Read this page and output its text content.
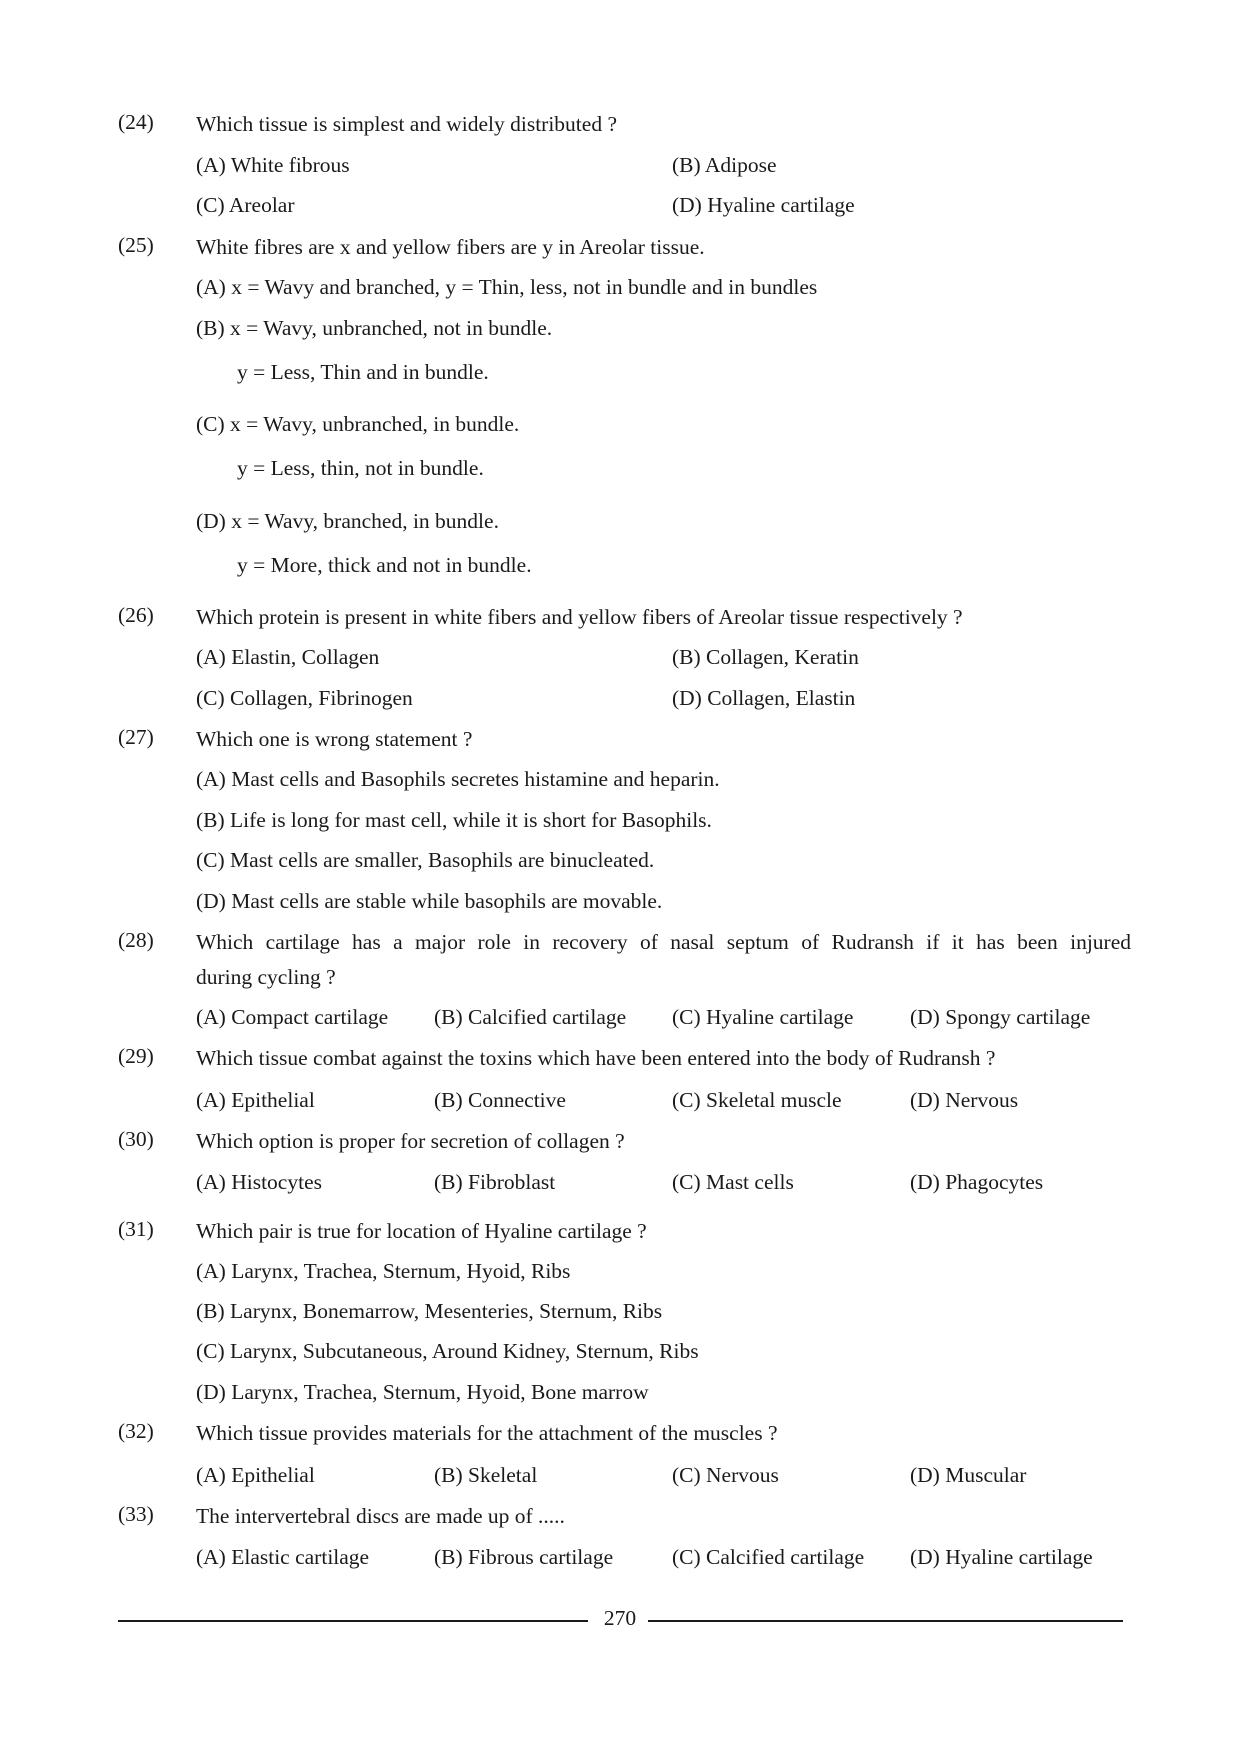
(24) Which tissue is simplest and widely distributed ?
(A) White fibrous	(B) Adipose
(C) Areolar	(D) Hyaline cartilage
(25) White fibres are x and yellow fibers are y in Areolar tissue.
(A) x = Wavy and branched, y = Thin, less, not in bundle and in bundles
(B) x = Wavy, unbranched, not in bundle.
y = Less, Thin and in bundle.
(C) x = Wavy, unbranched, in bundle.
y = Less, thin, not in bundle.
(D) x = Wavy, branched, in bundle.
y = More, thick and not in bundle.
(26) Which protein is present in white fibers and yellow fibers of Areolar tissue respectively ?
(A) Elastin, Collagen	(B) Collagen, Keratin
(C) Collagen, Fibrinogen	(D) Collagen, Elastin
(27) Which one is wrong statement ?
(A) Mast cells and Basophils secretes histamine and heparin.
(B) Life is long for mast cell, while it is short for Basophils.
(C) Mast cells are smaller, Basophils are binucleated.
(D) Mast cells are stable while basophils are movable.
(28) Which cartilage has a major role in recovery of nasal septum of Rudransh if it has been injured
during cycling ?
(A) Compact cartilage (B) Calcified cartilage (C) Hyaline cartilage	(D) Spongy cartilage
(29) Which tissue combat against the toxins which have been entered into the body of Rudransh ?
(A) Epithelial	(B) Connective	(C) Skeletal muscle	(D) Nervous
(30) Which option is proper for secretion of collagen ?
(A) Histocytes	(B) Fibroblast	(C) Mast cells	(D) Phagocytes
(31) Which pair is true for location of Hyaline cartilage ?
(A) Larynx, Trachea, Sternum, Hyoid, Ribs
(B) Larynx, Bonemarrow, Mesenteries, Sternum, Ribs
(C) Larynx, Subcutaneous, Around Kidney, Sternum, Ribs
(D) Larynx, Trachea, Sternum, Hyoid, Bone marrow
(32) Which tissue provides materials for the attachment of the muscles ?
(A) Epithelial	(B) Skeletal	(C) Nervous	(D) Muscular
(33) The intervertebral discs are made up of .....
(A) Elastic cartilage	(B) Fibrous cartilage	(C) Calcified cartilage (D) Hyaline cartilage
270
